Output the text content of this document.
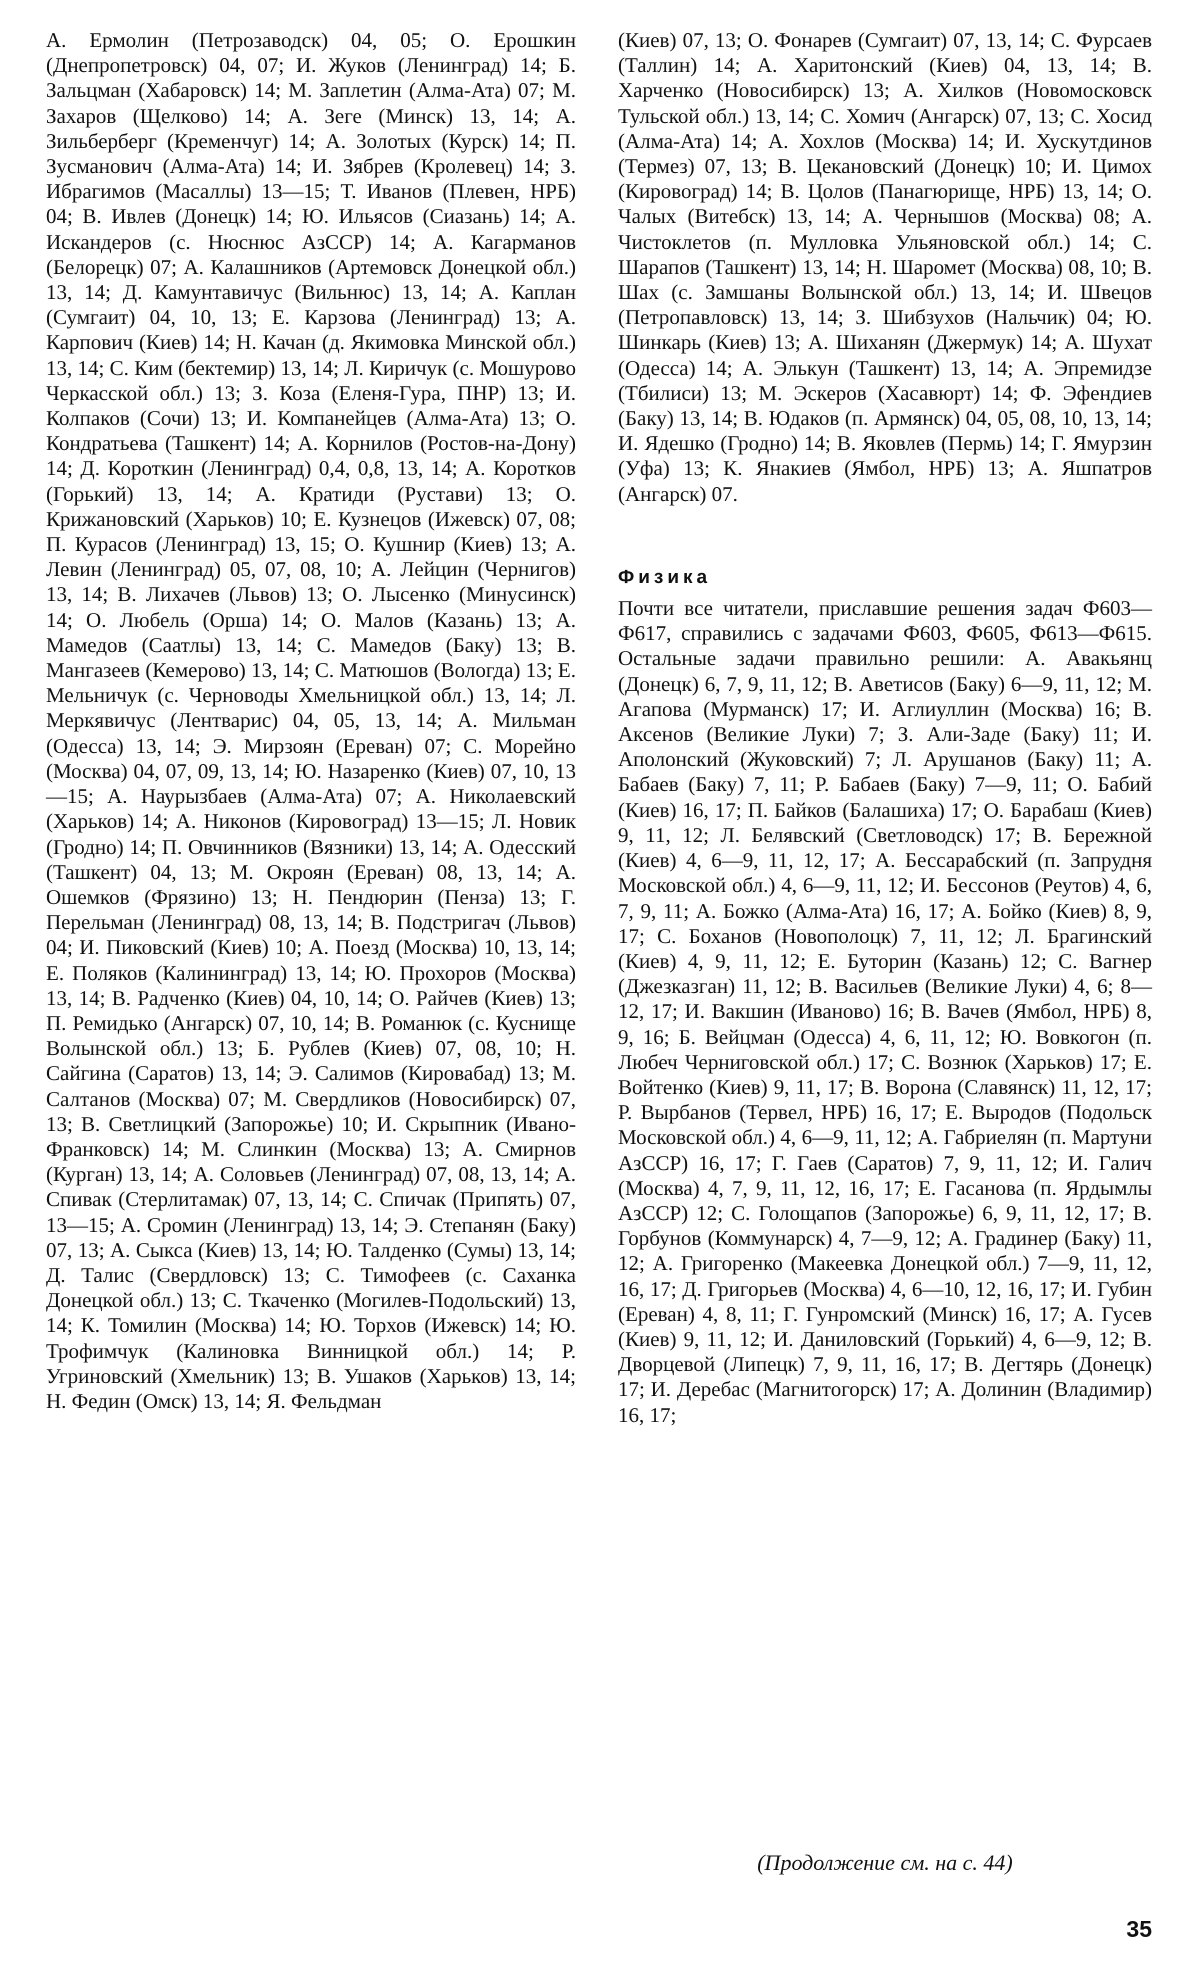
А. Ермолин (Петрозаводск) 04, 05; О. Ерошкин (Днепропетровск) 04, 07; И. Жуков (Ленинград) 14; Б. Зальцман (Хабаровск) 14; М. Заплетин (Алма-Ата) 07; М. Захаров (Щелково) 14; А. Зеге (Минск) 13, 14; А. Зильберберг (Кременчуг) 14; А. Золотых (Курск) 14; П. Зусманович (Алма-Ата) 14; И. Зябрев (Кролевец) 14; З. Ибрагимов (Масаллы) 13—15; Т. Иванов (Плевен, НРБ) 04; В. Ивлев (Донецк) 14; Ю. Ильясов (Сиазань) 14; А. Искандеров (с. Нюснюс АзССР) 14; А. Кагарманов (Белорецк) 07; А. Калашников (Артемовск Донецкой обл.) 13, 14; Д. Камунтавичус (Вильнюс) 13, 14; А. Каплан (Сумгаит) 04, 10, 13; Е. Карзова (Ленинград) 13; А. Карпович (Киев) 14; Н. Качан (д. Якимовка Минской обл.) 13, 14; С. Ким (бектемир) 13, 14; Л. Киричук (с. Мошурово Черкасской обл.) 13; З. Коза (Еленя-Гура, ПНР) 13; И. Колпаков (Сочи) 13; И. Компанейцев (Алма-Ата) 13; О. Кондратьева (Ташкент) 14; А. Корнилов (Ростов-на-Дону) 14; Д. Короткин (Ленинград) 0,4, 0,8, 13, 14; А. Коротков (Горький) 13, 14; А. Кратиди (Рустави) 13; О. Крижановский (Харьков) 10; Е. Кузнецов (Ижевск) 07, 08; П. Курасов (Ленинград) 13, 15; О. Кушнир (Киев) 13; А. Левин (Ленинград) 05, 07, 08, 10; А. Лейцин (Чернигов) 13, 14; В. Лихачев (Львов) 13; О. Лысенко (Минусинск) 14; О. Любель (Орша) 14; О. Малов (Казань) 13; А. Мамедов (Саатлы) 13, 14; С. Мамедов (Баку) 13; В. Мангазеев (Кемерово) 13, 14; С. Матюшов (Вологда) 13; Е. Мельничук (с. Черноводы Хмельницкой обл.) 13, 14; Л. Меркявичус (Лентварис) 04, 05, 13, 14; А. Мильман (Одесса) 13, 14; Э. Мирзоян (Ереван) 07; С. Морейно (Москва) 04, 07, 09, 13, 14; Ю. Назаренко (Киев) 07, 10, 13—15; А. Наурызбаев (Алма-Ата) 07; А. Николаевский (Харьков) 14; А. Никонов (Кировоград) 13—15; Л. Новик (Гродно) 14; П. Овчинников (Вязники) 13, 14; А. Одесский (Ташкент) 04, 13; М. Окроян (Ереван) 08, 13, 14; А. Ошемков (Фрязино) 13; Н. Пендюрин (Пенза) 13; Г. Перельман (Ленинград) 08, 13, 14; В. Подстригач (Львов) 04; И. Пиковский (Киев) 10; А. Поезд (Москва) 10, 13, 14; Е. Поляков (Калининград) 13, 14; Ю. Прохоров (Москва) 13, 14; В. Радченко (Киев) 04, 10, 14; О. Райчев (Киев) 13; П. Ремидько (Ангарск) 07, 10, 14; В. Романюк (с. Куснище Волынской обл.) 13; Б. Рублев (Киев) 07, 08, 10; Н. Сайгина (Саратов) 13, 14; Э. Салимов (Кировабад) 13; М. Салтанов (Москва) 07; М. Свердликов (Новосибирск) 07, 13; В. Светлицкий (Запорожье) 10; И. Скрыпник (Ивано-Франковск) 14; М. Слинкин (Москва) 13; А. Смирнов (Курган) 13, 14; А. Соловьев (Ленинград) 07, 08, 13, 14; А. Спивак (Стерлитамак) 07, 13, 14; С. Спичак (Припять) 07, 13—15; А. Сромин (Ленинград) 13, 14; Э. Степанян (Баку) 07, 13; А. Сыкса (Киев) 13, 14; Ю. Талденко (Сумы) 13, 14; Д. Талис (Свердловск) 13; С. Тимофеев (с. Саханка Донецкой обл.) 13; С. Ткаченко (Могилев-Подольский) 13, 14; К. Томилин (Москва) 14; Ю. Торхов (Ижевск) 14; Ю. Трофимчук (Калиновка Винницкой обл.) 14; Р. Угриновский (Хмельник) 13; В. Ушаков (Харьков) 13, 14; Н. Федин (Омск) 13, 14; Я. Фельдман

(Киев) 07, 13; О. Фонарев (Сумгаит) 07, 13, 14; С. Фурсаев (Таллин) 14; А. Харитонский (Киев) 04, 13, 14; В. Харченко (Новосибирск) 13; А. Хилков (Новомосковск Тульской обл.) 13, 14; С. Хомич (Ангарск) 07, 13; С. Хосид (Алма-Ата) 14; А. Хохлов (Москва) 14; И. Хускутдинов (Термез) 07, 13; В. Цекановский (Донецк) 10; И. Цимох (Кировоград) 14; В. Цолов (Панагюрище, НРБ) 13, 14; О. Чалых (Витебск) 13, 14; А. Чернышов (Москва) 08; А. Чистоклетов (п. Мулловка Ульяновской обл.) 14; С. Шарапов (Ташкент) 13, 14; Н. Шаромет (Москва) 08, 10; В. Шах (с. Замшаны Волынской обл.) 13, 14; И. Швецов (Петропавловск) 13, 14; З. Шибзухов (Нальчик) 04; Ю. Шинкарь (Киев) 13; А. Шиханян (Джермук) 14; А. Шухат (Одесса) 14; А. Элькун (Ташкент) 13, 14; А. Эпремидзе (Тбилиси) 13; М. Эскеров (Хасавюрт) 14; Ф. Эфендиев (Баку) 13, 14; В. Юдаков (п. Армянск) 04, 05, 08, 10, 13, 14; И. Ядешко (Гродно) 14; В. Яковлев (Пермь) 14; Г. Ямурзин (Уфа) 13; К. Янакиев (Ямбол, НРБ) 13; А. Яшпатров (Ангарск) 07.

Физика

Почти все читатели, приславшие решения задач Ф603—Ф617, справились с задачами Ф603, Ф605, Ф613—Ф615. Остальные задачи правильно решили: А. Авакьянц (Донецк) 6, 7, 9, 11, 12; В. Аветисов (Баку) 6—9, 11, 12; М. Агапова (Мурманск) 17; И. Аглиуллин (Москва) 16; В. Аксенов (Великие Луки) 7; З. Али-Заде (Баку) 11; И. Аполонский (Жуковский) 7; Л. Арушанов (Баку) 11; А. Бабаев (Баку) 7, 11; Р. Бабаев (Баку) 7—9, 11; О. Бабий (Киев) 16, 17; П. Байков (Балашиха) 17; О. Барабаш (Киев) 9, 11, 12; Л. Белявский (Светловодск) 17; В. Бережной (Киев) 4, 6—9, 11, 12, 17; А. Бессарабский (п. Запрудня Московской обл.) 4, 6—9, 11, 12; И. Бессонов (Реутов) 4, 6, 7, 9, 11; А. Божко (Алма-Ата) 16, 17; А. Бойко (Киев) 8, 9, 17; С. Боханов (Новополоцк) 7, 11, 12; Л. Брагинский (Киев) 4, 9, 11, 12; Е. Буторин (Казань) 12; С. Вагнер (Джезказган) 11, 12; В. Васильев (Великие Луки) 4, 6; 8—12, 17; И. Вакшин (Иваново) 16; В. Вачев (Ямбол, НРБ) 8, 9, 16; Б. Вейцман (Одесса) 4, 6, 11, 12; Ю. Вовкогон (п. Любеч Черниговской обл.) 17; С. Вознюк (Харьков) 17; Е. Войтенко (Киев) 9, 11, 17; В. Ворона (Славянск) 11, 12, 17; Р. Вырбанов (Тервел, НРБ) 16, 17; Е. Выродов (Подольск Московской обл.) 4, 6—9, 11, 12; А. Габриелян (п. Мартуни АзССР) 16, 17; Г. Гаев (Саратов) 7, 9, 11, 12; И. Галич (Москва) 4, 7, 9, 11, 12, 16, 17; Е. Гасанова (п. Ярдымлы АзССР) 12; С. Голощапов (Запорожье) 6, 9, 11, 12, 17; В. Горбунов (Коммунарск) 4, 7—9, 12; А. Градинер (Баку) 11, 12; А. Григоренко (Макеевка Донецкой обл.) 7—9, 11, 12, 16, 17; Д. Григорьев (Москва) 4, 6—10, 12, 16, 17; И. Губин (Ереван) 4, 8, 11; Г. Гунромский (Минск) 16, 17; А. Гусев (Киев) 9, 11, 12; И. Даниловский (Горький) 4, 6—9, 12; В. Дворцевой (Липецк) 7, 9, 11, 16, 17; В. Дегтярь (Донецк) 17; И. Деребас (Магнитогорск) 17; А. Долинин (Владимир) 16, 17;

(Продолжение см. на с. 44)
35
